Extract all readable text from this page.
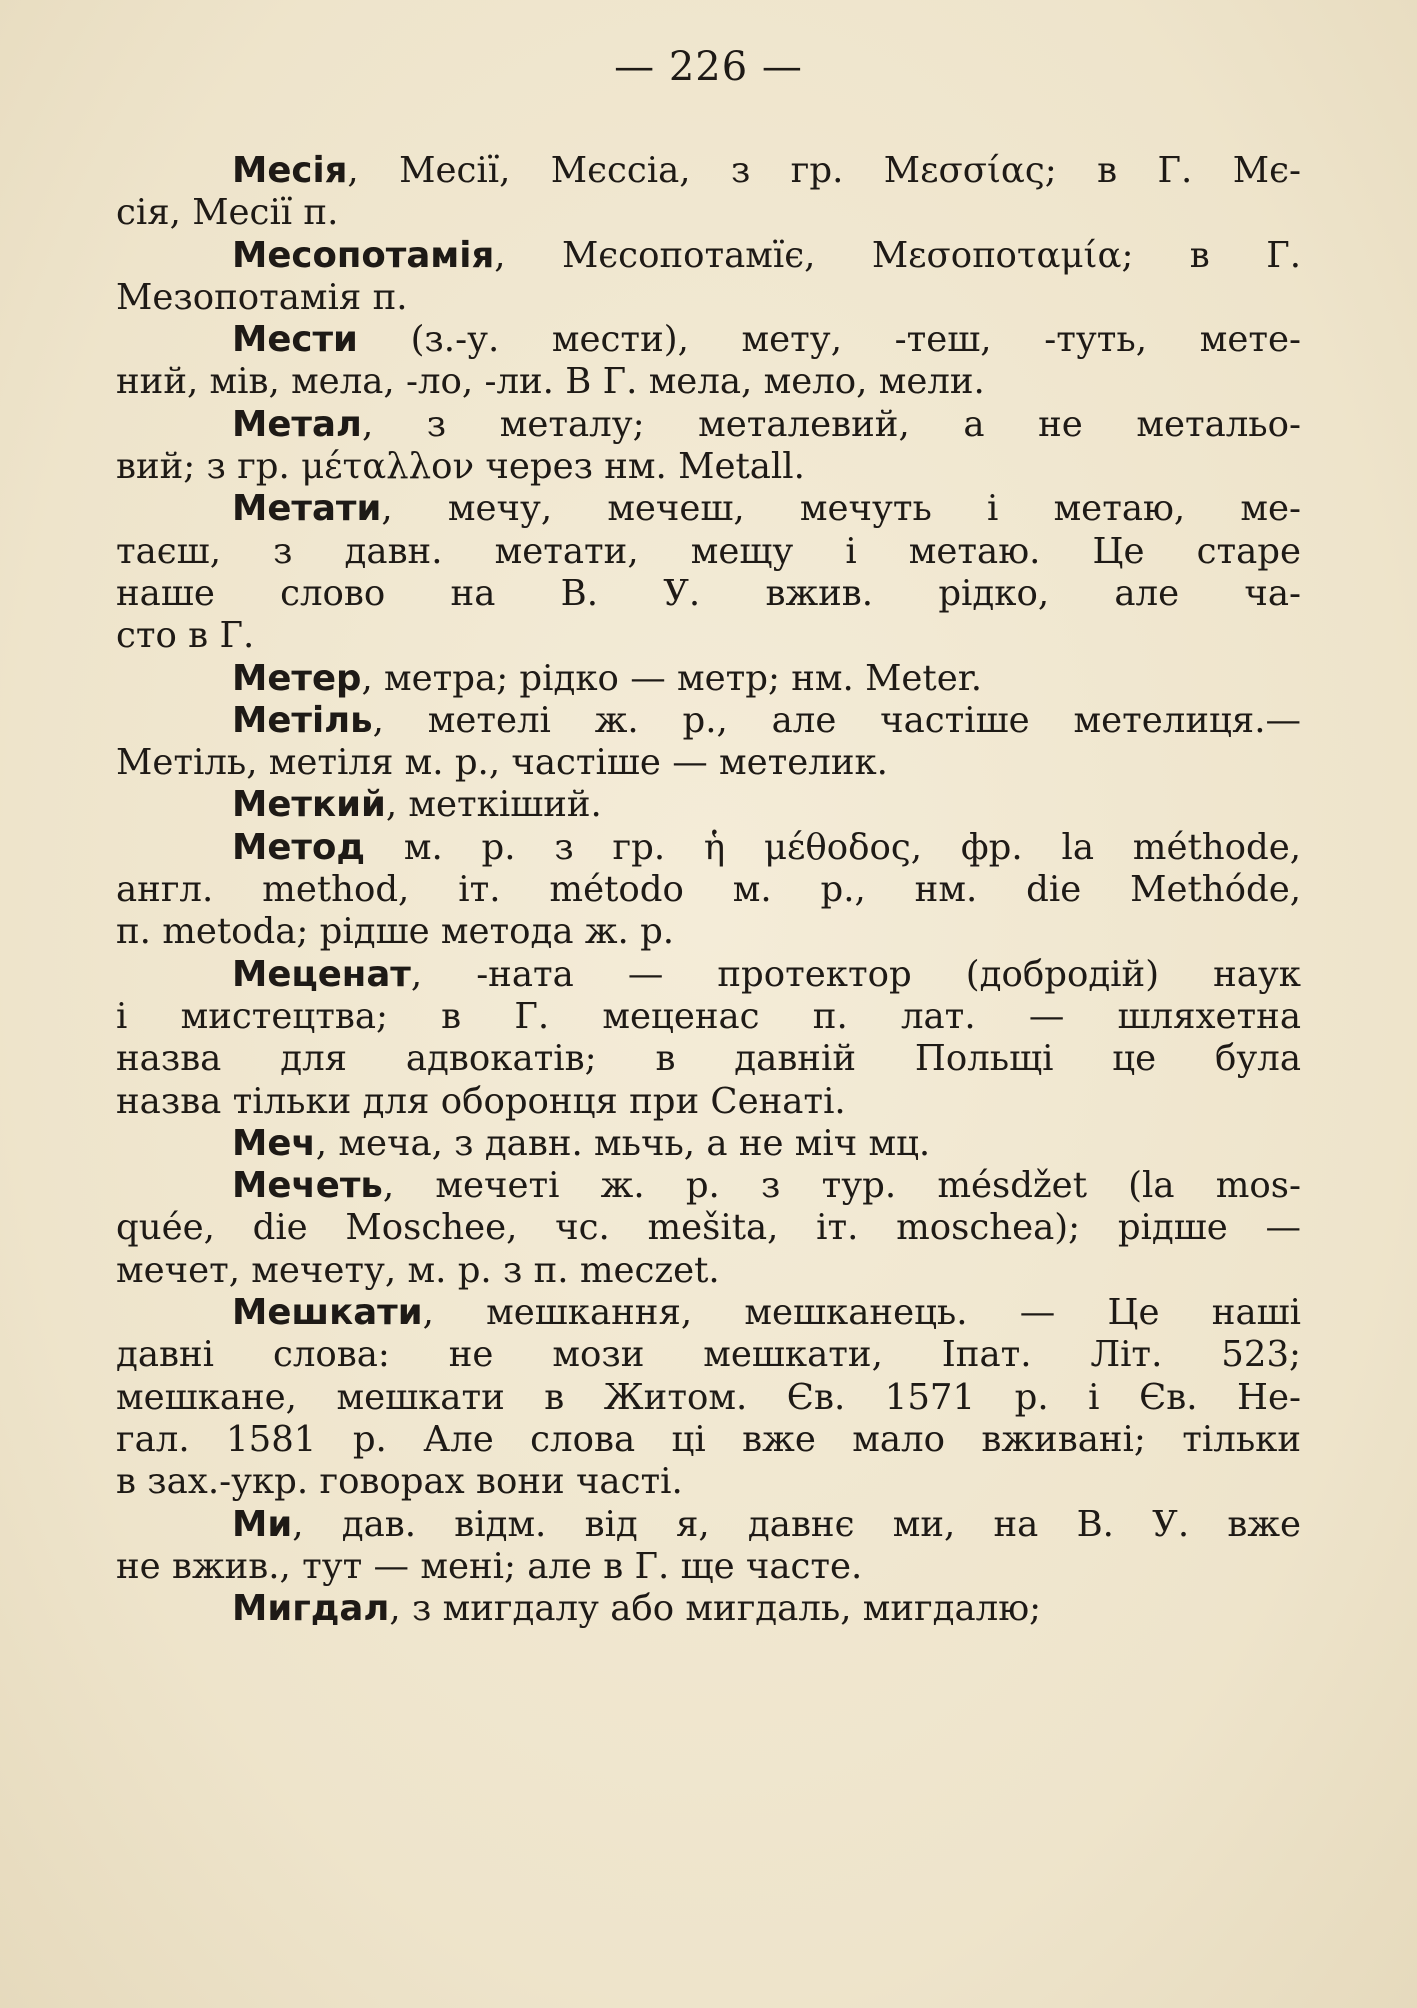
— 226 —
Месія, Месії, Мєссіа, з гр. Μεσσίας; в Г. Мє-
сія, Месії п.
Месопотамія, Мєсопотамїє, Μεσοποταμία; в Г.
Мезопотамія п.
Мести (з.-у. мести), мету, -теш, -туть, мете-
ний, мів, мела, -ло, -ли. В Г. мела, мело, мели.
Метал, з металу; металевий, а не метальо-
вий; з гр. μέταλλον через нм. Metall.
Метати, мечу, мечеш, мечуть і метаю, ме-
таєш, з давн. метати, мещу і метаю. Це старе
наше слово на В. У. вжив. рідко, але ча-
сто в Г.
Метер, метра; рідко — метр; нм. Meter.
Метіль, метелі ж. р., але частіше метелиця.—
Метіль, метіля м. р., частіше — метелик.
Меткий, меткіший.
Метод м. р. з гр. ἡ μέθοδος, фр. la méthode,
англ. method, іт. método м. р., нм. die Methóde,
п. metoda; рідше метода ж. р.
Меценат, -ната — протектор (добродій) наук
і мистецтва; в Г. меценас п. лат. — шляхетна
назва для адвокатів; в давній Польщі це була
назва тільки для оборонця при Сенаті.
Меч, меча, з давн. мьчь, а не міч мц.
Мечеть, мечеті ж. р. з тур. mésdžet (la mos-
quée, die Moschee, чс. mešita, іт. moschea); рідше —
мечет, мечету, м. р. з п. meczet.
Мешкати, мешкання, мешканець. — Це наші
давні слова: не мози мешкати, Іпат. Літ. 523;
мешкане, мешкати в Житом. Єв. 1571 р. і Єв. Не-
гал. 1581 р. Але слова ці вже мало вживані; тільки
в зах.-укр. говорах вони часті.
Ми, дав. відм. від я, давнє ми, на В. У. вже
не вжив., тут — мені; але в Г. ще часте.
Мигдал, з мигдалу або мигдаль, мигдалю;
